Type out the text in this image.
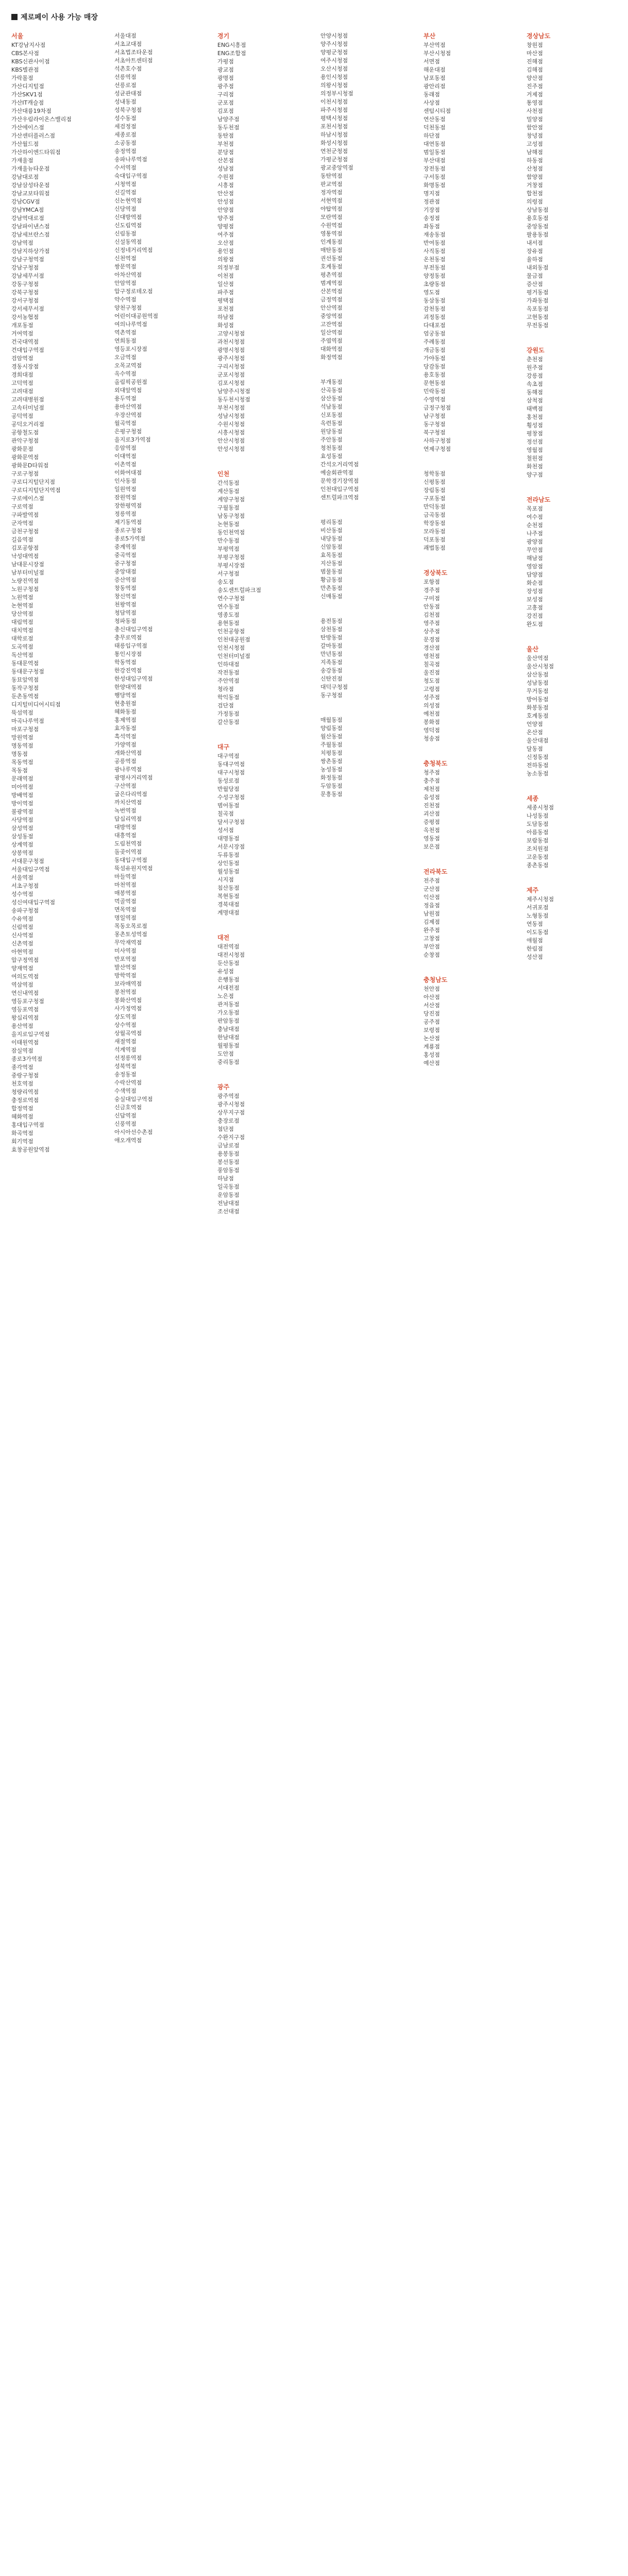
제로페이 사용 가능 매장
서울
KT강남지사점
CBS본사점
KBS신관사이점
KBS별관점
가락몰점
가산디지털점
가산SKV1점
가산IT캐슬점
가산대륭19차점
가산우림라이온스밸리점
가산에이스점
가산센터플러스점
가산월드점
가산하이엔드타워점
가재울점
가재울뉴타운점
강남대로점
강남삼성타운점
강남교보타워점
강남CGV점
강남YMCA점
강남역대로점
강남파이낸스점
강남세브란스점
강남역점
강남지하상가점
강남구청역점
강남구청점
강남세무서점
강동구청점
강북구청점
강서구청점
강서세무서점
강서농협점
개포동점
거여역점
건국대역점
건대입구역점
검암역점
경동시장점
경희대점
고덕역점
고려대점
고려대병원점
고속터미널점
공덕역점
공덕오거리점
공항철도점
관악구청점
광화문점
광화문역점
광화문D타워점
구로구청점
구로디지털단지점
구로디지털단지역점
구로에이스점
구로역점
구파발역점
군자역점
금천구청점
길음역점
김포공항점
낙성대역점
남대문시장점
남부터미널점
노량진역점
노원구청점
노원역점
논현역점
당산역점
대림역점
대치역점
대학로점
도곡역점
독산역점
동대문역점
동대문구청점
동묘앞역점
동작구청점
둔촌동역점
디지털미디어시티점
뚝섬역점
마곡나루역점
마포구청점
망원역점
명동역점
명동점
목동역점
목동점
문래역점
미아역점
방배역점
방이역점
불광역점
사당역점
삼성역점
삼성동점
상계역점
상봉역점
서대문구청점
서울대입구역점
서울역점
서초구청점
성수역점
성신여대입구역점
송파구청점
수유역점
신림역점
신사역점
신촌역점
아현역점
압구정역점
양재역점
여의도역점
역삼역점
연신내역점
영등포구청점
영등포역점
왕십리역점
용산역점
을지로입구역점
이태원역점
잠실역점
종로3가역점
종각역점
중랑구청점
천호역점
청량리역점
충정로역점
합정역점
혜화역점
홍대입구역점
화곡역점
회기역점
효창공원앞역점
서울대점
서초교대점
서초법조타운점
서초아트센터점
석촌호수점
선릉역점
선릉로점
성균관대점
성내동점
성북구청점
성수동점
세검정점
세종로점
소공동점
송정역점
송파나루역점
수서역점
숙대입구역점
시청역점
신길역점
신논현역점
신당역점
신대방역점
신도림역점
신림동점
신설동역점
신정네거리역점
신천역점
쌍문역점
아차산역점
안암역점
압구정로데오점
약수역점
양천구청점
어린이대공원역점
여의나루역점
역촌역점
연희동점
영등포시장점
오금역점
오목교역점
옥수역점
올림픽공원점
외대앞역점
용두역점
용마산역점
우장산역점
월곡역점
은평구청점
을지로3가역점
응암역점
이대역점
이촌역점
이화여대점
인사동점
일원역점
잠원역점
장한평역점
정릉역점
제기동역점
종로구청점
종로5가역점
중계역점
중곡역점
중구청점
중앙대점
증산역점
창동역점
창신역점
천왕역점
청담역점
청파동점
총신대입구역점
충무로역점
태릉입구역점
통인시장점
학동역점
한강진역점
한성대입구역점
한양대역점
행당역점
현충원점
혜화동점
홍제역점
효자동점
흑석역점
가양역점
개화산역점
공릉역점
광나루역점
광명사거리역점
구산역점
굽은다리역점
까치산역점
녹번역점
답십리역점
대방역점
대흥역점
도림천역점
돌곶이역점
동대입구역점
뚝섬유원지역점
마들역점
마천역점
매봉역점
먹골역점
면목역점
명일역점
목동오목로점
몽촌토성역점
무악재역점
미사역점
반포역점
발산역점
방학역점
보라매역점
봉천역점
봉화산역점
사가정역점
상도역점
상수역점
상월곡역점
새절역점
석계역점
선정릉역점
성북역점
송정동점
수락산역점
수색역점
숭실대입구역점
신금호역점
신답역점
신풍역점
아시아선수촌점
애오개역점
경기
ENG시흥점
ENG조합점
가평점
광교점
광명점
광주점
구리점
군포점
김포점
남양주점
동두천점
동탄점
부천점
분당점
산본점
성남점
수원점
시흥점
안산점
안성점
안양점
양주점
양평점
여주점
오산점
용인점
의왕점
의정부점
이천점
일산점
파주점
평택점
포천점
하남점
화성점
고양시청점
과천시청점
광명시청점
광주시청점
구리시청점
군포시청점
김포시청점
남양주시청점
동두천시청점
부천시청점
성남시청점
수원시청점
시흥시청점
안산시청점
안성시청점
인천
간석동점
계산동점
계양구청점
구월동점
남동구청점
논현동점
동인천역점
만수동점
부평역점
부평구청점
부평시장점
서구청점
송도점
송도센트럴파크점
연수구청점
연수동점
영종도점
용현동점
인천공항점
인천대공원점
인천시청점
인천터미널점
인하대점
작전동점
주안역점
청라점
학익동점
검단점
가정동점
갈산동점
대구
대구역점
동대구역점
대구시청점
동성로점
반월당점
수성구청점
범어동점
칠곡점
달서구청점
성서점
대명동점
서문시장점
두류동점
상인동점
월성동점
시지점
침산동점
복현동점
경북대점
계명대점
대전
대전역점
대전시청점
둔산동점
유성점
은행동점
서대전점
노은점
관저동점
가오동점
판암동점
충남대점
한남대점
월평동점
도안점
중리동점
광주
광주역점
광주시청점
상무지구점
충장로점
첨단점
수완지구점
금남로점
용봉동점
봉선동점
풍암동점
하남점
일곡동점
운암동점
전남대점
조선대점
안양시청점
양주시청점
양평군청점
여주시청점
오산시청점
용인시청점
의왕시청점
의정부시청점
이천시청점
파주시청점
평택시청점
포천시청점
하남시청점
화성시청점
연천군청점
가평군청점
광교중앙역점
동탄역점
판교역점
정자역점
서현역점
야탑역점
모란역점
수원역점
영통역점
인계동점
매탄동점
권선동점
호계동점
평촌역점
범계역점
산본역점
금정역점
안산역점
중앙역점
고잔역점
일산역점
주엽역점
대화역점
화정역점
부개동점
산곡동점
삼산동점
석남동점
신포동점
옥련동점
원당동점
주안동점
청천동점
효성동점
간석오거리역점
예술회관역점
문학경기장역점
인천대입구역점
센트럴파크역점
평리동점
비산동점
내당동점
신암동점
효목동점
지산동점
범물동점
황금동점
만촌동점
신매동점
용전동점
삼천동점
탄방동점
갈마동점
만년동점
지족동점
송강동점
신탄진점
대덕구청점
동구청점
매월동점
양림동점
월산동점
주월동점
치평동점
쌍촌동점
농성동점
화정동점
두암동점
문흥동점
부산
부산역점
부산시청점
서면점
해운대점
남포동점
광안리점
동래점
사상점
센텀시티점
연산동점
덕천동점
하단점
대연동점
범일동점
부산대점
장전동점
구서동점
화명동점
명지점
정관점
기장점
송정점
좌동점
재송동점
반여동점
사직동점
온천동점
부전동점
양정동점
초량동점
영도점
동삼동점
감천동점
괴정동점
다대포점
엄궁동점
주례동점
개금동점
가야동점
당감동점
용호동점
문현동점
민락동점
수영역점
금정구청점
남구청점
동구청점
북구청점
사하구청점
연제구청점
청학동점
신평동점
장림동점
구포동점
만덕동점
금곡동점
학장동점
모라동점
덕포동점
괘법동점
경상북도
포항점
경주점
구미점
안동점
김천점
영주점
상주점
문경점
경산점
영천점
칠곡점
울진점
청도점
고령점
성주점
의성점
예천점
봉화점
영덕점
청송점
충청북도
청주점
충주점
제천점
음성점
진천점
괴산점
증평점
옥천점
영동점
보은점
전라북도
전주점
군산점
익산점
정읍점
남원점
김제점
완주점
고창점
부안점
순창점
충청남도
천안점
아산점
서산점
당진점
공주점
보령점
논산점
계룡점
홍성점
예산점
경상남도
창원점
마산점
진해점
김해점
양산점
진주점
거제점
통영점
사천점
밀양점
함안점
창녕점
고성점
남해점
하동점
산청점
함양점
거창점
합천점
의령점
상남동점
용호동점
중앙동점
팔용동점
내서점
장유점
율하점
내외동점
물금점
증산점
평거동점
가좌동점
옥포동점
고현동점
무전동점
강원도
춘천점
원주점
강릉점
속초점
동해점
삼척점
태백점
홍천점
횡성점
평창점
정선점
영월점
철원점
화천점
양구점
전라남도
목포점
여수점
순천점
나주점
광양점
무안점
해남점
영암점
담양점
화순점
장성점
보성점
고흥점
강진점
완도점
울산
울산역점
울산시청점
삼산동점
성남동점
무거동점
방어동점
화봉동점
호계동점
언양점
온산점
울산대점
달동점
신정동점
전하동점
농소동점
세종
세종시청점
나성동점
도담동점
아름동점
보람동점
조치원점
고운동점
종촌동점
제주
제주시청점
서귀포점
노형동점
연동점
이도동점
애월점
한림점
성산점
